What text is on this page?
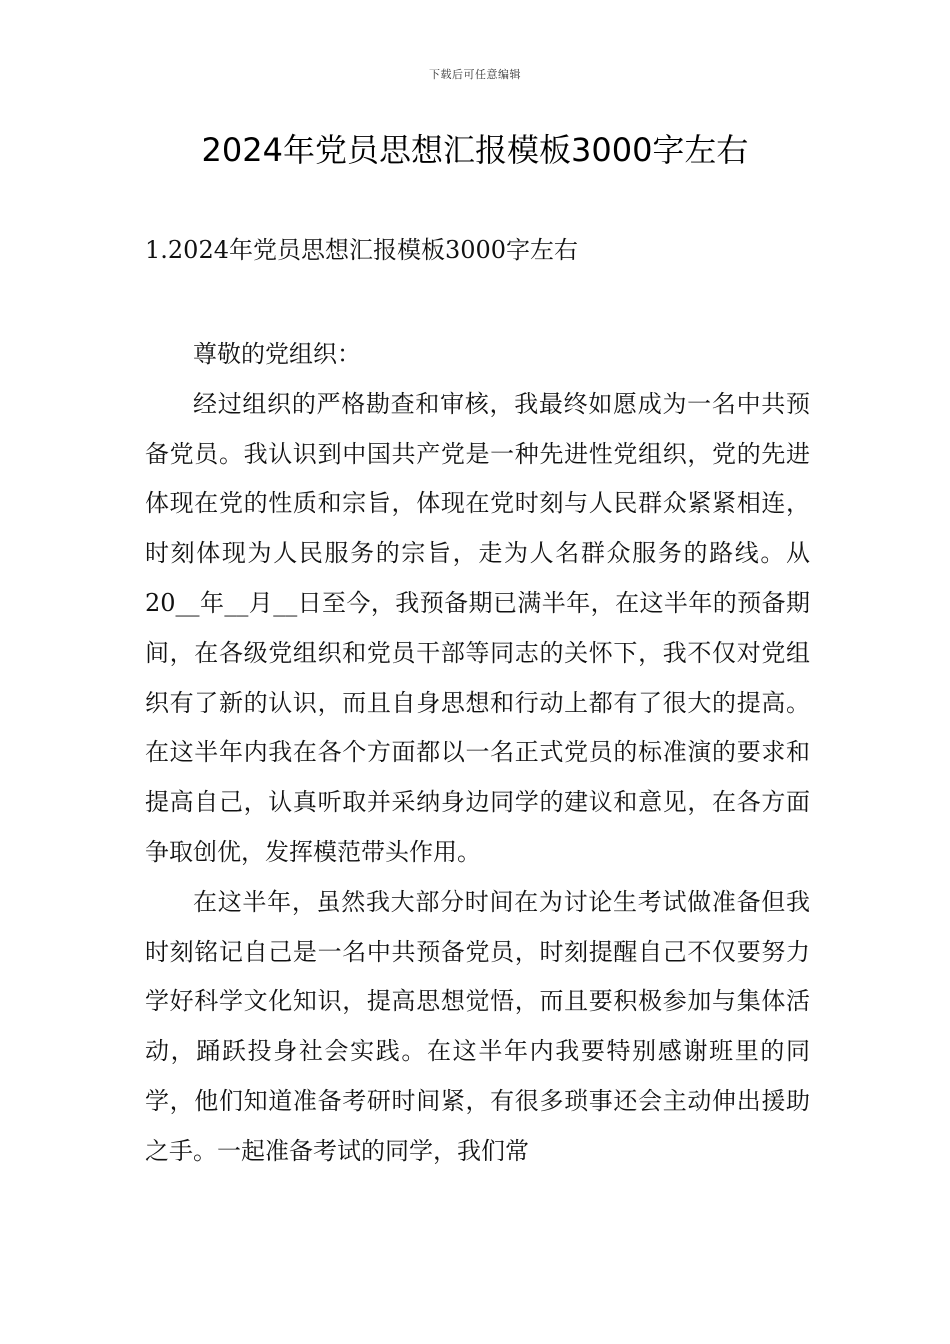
下载后可任意编辑
2024年党员思想汇报模板3000字左右
1.2024年党员思想汇报模板3000字左右

尊敬的党组织：

经过组织的严格勘查和审核，我最终如愿成为一名中共预备党员。我认识到中国共产党是一种先进性党组织，党的先进体现在党的性质和宗旨，体现在党时刻与人民群众紧紧相连，时刻体现为人民服务的宗旨，走为人名群众服务的路线。从20__年__月__日至今，我预备期已满半年，在这半年的预备期间，在各级党组织和党员干部等同志的关怀下，我不仅对党组织有了新的认识，而且自身思想和行动上都有了很大的提高。在这半年内我在各个方面都以一名正式党员的标准演的要求和提高自己，认真听取并采纳身边同学的建议和意见，在各方面争取创优，发挥模范带头作用。

在这半年，虽然我大部分时间在为讨论生考试做准备但我时刻铭记自己是一名中共预备党员，时刻提醒自己不仅要努力学好科学文化知识，提高思想觉悟，而且要积极参加与集体活动，踊跃投身社会实践。在这半年内我要特别感谢班里的同学，他们知道准备考研时间紧，有很多琐事还会主动伸出援助之手。一起准备考试的同学，我们常
